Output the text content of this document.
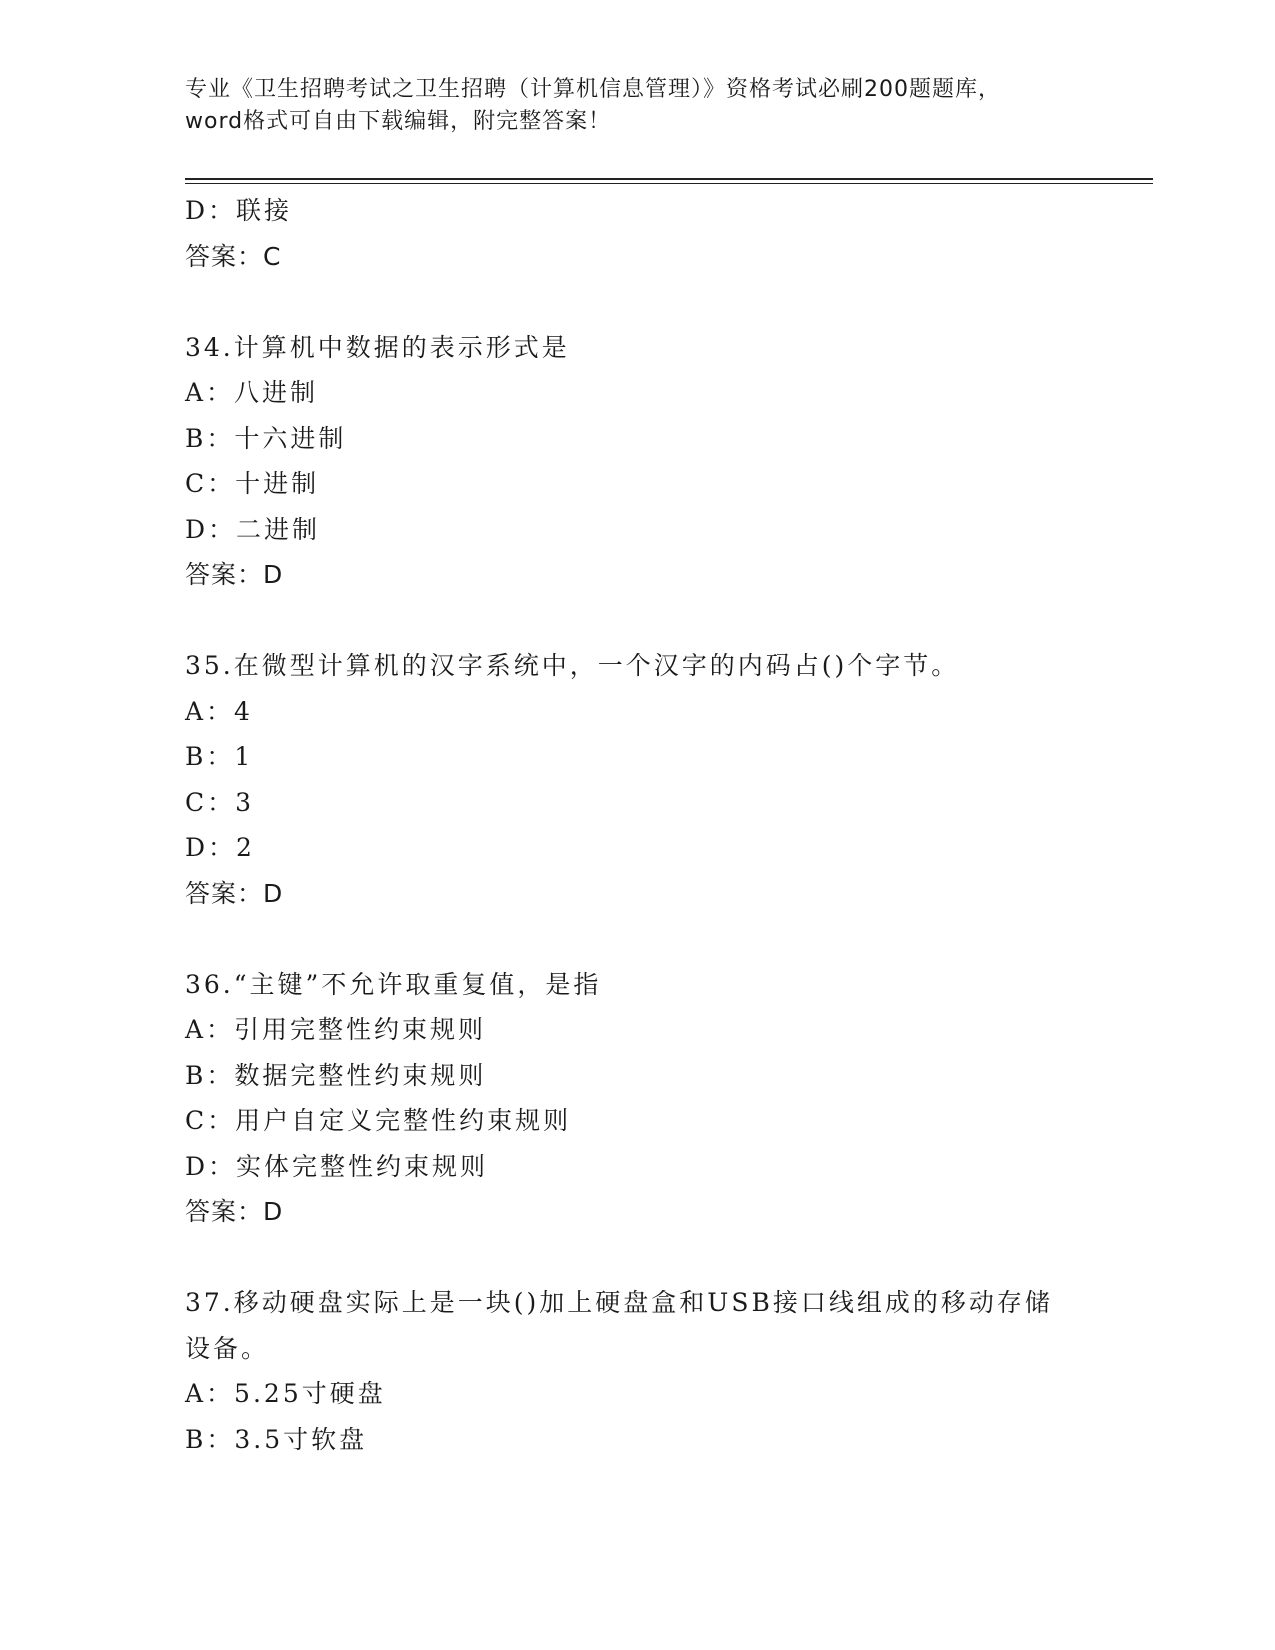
专业《卫生招聘考试之卫生招聘（计算机信息管理）》资格考试必刷200题题库，
word格式可自由下载编辑，附完整答案！
D：联接
答案：C
34.计算机中数据的表示形式是
A：八进制
B：十六进制
C：十进制
D：二进制
答案：D
35.在微型计算机的汉字系统中，一个汉字的内码占()个字节。
A：4
B：1
C：3
D：2
答案：D
36.“主键”不允许取重复值，是指
A：引用完整性约束规则
B：数据完整性约束规则
C：用户自定义完整性约束规则
D：实体完整性约束规则
答案：D
37.移动硬盘实际上是一块()加上硬盘盒和USB接口线组成的移动存储
设备。
A：5.25寸硬盘
B：3.5寸软盘
